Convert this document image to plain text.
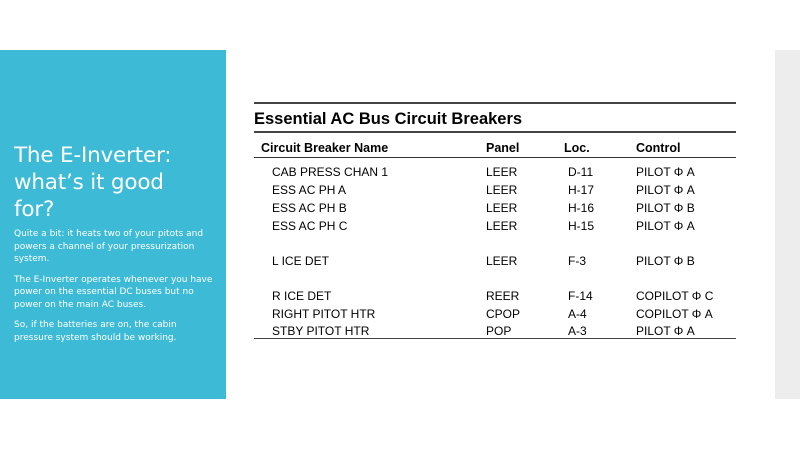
The E-Inverter:
what’s it good
for?

Quite a bit: it heats two of your pitots and powers a channel of your pressurization system.

The E-Inverter operates whenever you have power on the essential DC buses but no power on the main AC buses.

So, if the batteries are on, the cabin pressure system should be working.

Essential AC Bus Circuit Breakers
Circuit Breaker Name	Panel	Loc.	Control
CAB PRESS CHAN 1	LEER	D-11	PILOT Φ A
ESS AC PH A	LEER	H-17	PILOT Φ A
ESS AC PH B	LEER	H-16	PILOT Φ B
ESS AC PH C	LEER	H-15	PILOT Φ A
L ICE DET	LEER	F-3	PILOT Φ B
R ICE DET	REER	F-14	COPILOT Φ C
RIGHT PITOT HTR	CPOP	A-4	COPILOT Φ A
STBY PITOT HTR	POP	A-3	PILOT Φ A
